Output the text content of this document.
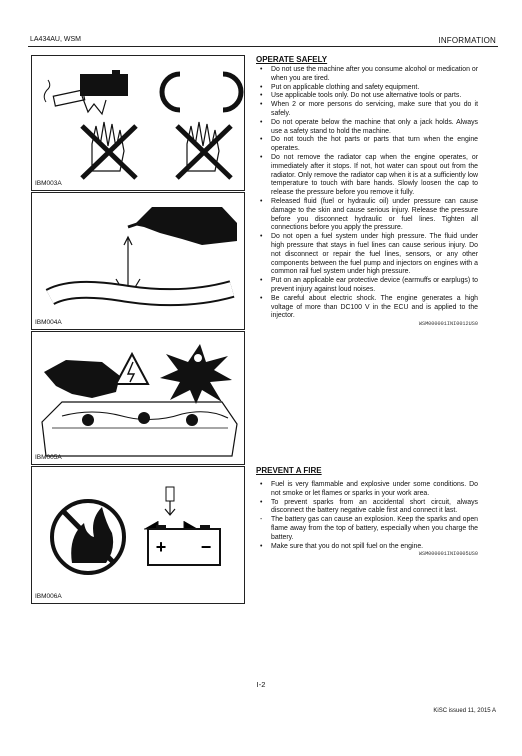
LA434AU, WSM	INFORMATION
IBM003A
IBM004A
IBM005A
+ −
IBM006A
OPERATE SAFELY
• Do not use the machine after you consume alcohol or medication or when you are tired.
• Put on applicable clothing and safety equipment.
• Use applicable tools only. Do not use alternative tools or parts.
• When 2 or more persons do servicing, make sure that you do it safely.
• Do not operate below the machine that only a jack holds. Always use a safety stand to hold the machine.
• Do not touch the hot parts or parts that turn when the engine operates.
• Do not remove the radiator cap when the engine operates, or immediately after it stops. If not, hot water can spout out from the radiator. Only remove the radiator cap when it is at a sufficiently low temperature to touch with bare hands. Slowly loosen the cap to release the pressure before you remove it fully.
• Released fluid (fuel or hydraulic oil) under pressure can cause damage to the skin and cause serious injury. Release the pressure before you disconnect hydraulic or fuel lines. Tighten all connections before you apply the pressure.
• Do not open a fuel system under high pressure. The fluid under high pressure that stays in fuel lines can cause serious injury. Do not disconnect or repair the fuel lines, sensors, or any other components between the fuel pump and injectors on engines with a common rail fuel system under high pressure.
• Put on an applicable ear protective device (earmuffs or earplugs) to prevent injury against loud noises.
• Be careful about electric shock. The engine generates a high voltage of more than DC100 V in the ECU and is applied to the injector.
WSM000001INI0012US0
PREVENT A FIRE
• Fuel is very flammable and explosive under some conditions. Do not smoke or let flames or sparks in your work area.
• To prevent sparks from an accidental short circuit, always disconnect the battery negative cable first and connect it last.
- The battery gas can cause an explosion. Keep the sparks and open flame away from the top of battery, especially when you charge the battery.
• Make sure that you do not spill fuel on the engine.
WSM000001INI0005US0
I-2
KiSC issued 11, 2015 A
